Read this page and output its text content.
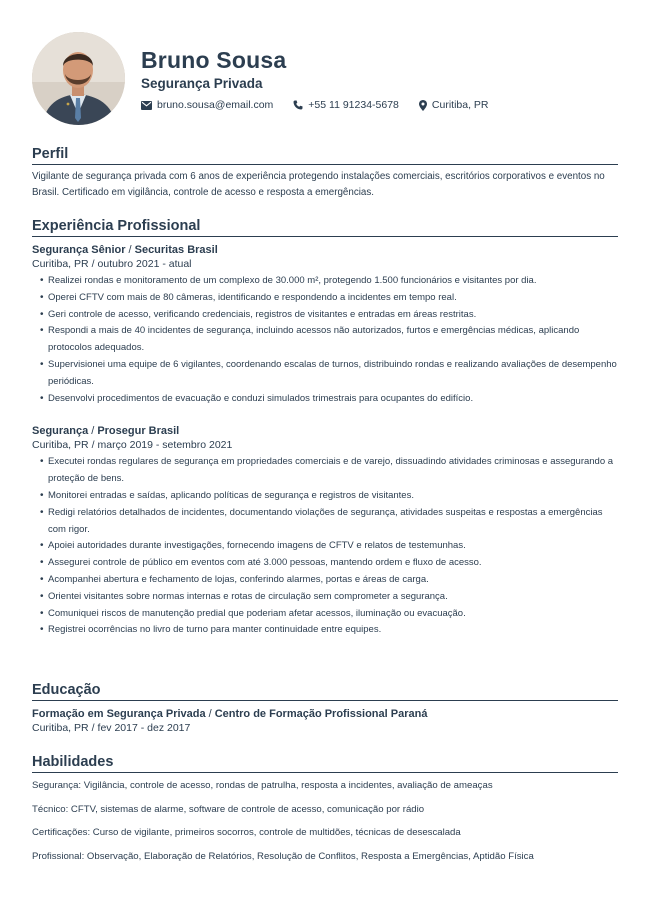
Bruno Sousa
Segurança Privada
bruno.sousa@email.com	+55 11 91234-5678	Curitiba, PR
Perfil
Vigilante de segurança privada com 6 anos de experiência protegendo instalações comerciais, escritórios corporativos e eventos no Brasil. Certificado em vigilância, controle de acesso e resposta a emergências.
Experiência Profissional
Segurança Sênior / Securitas Brasil
Curitiba, PR / outubro 2021 - atual
• Realizei rondas e monitoramento de um complexo de 30.000 m², protegendo 1.500 funcionários e visitantes por dia.
• Operei CFTV com mais de 80 câmeras, identificando e respondendo a incidentes em tempo real.
• Geri controle de acesso, verificando credenciais, registros de visitantes e entradas em áreas restritas.
• Respondi a mais de 40 incidentes de segurança, incluindo acessos não autorizados, furtos e emergências médicas, aplicando protocolos adequados.
• Supervisionei uma equipe de 6 vigilantes, coordenando escalas de turnos, distribuindo rondas e realizando avaliações de desempenho periódicas.
• Desenvolvi procedimentos de evacuação e conduzi simulados trimestrais para ocupantes do edifício.
Segurança / Prosegur Brasil
Curitiba, PR / março 2019 - setembro 2021
• Executei rondas regulares de segurança em propriedades comerciais e de varejo, dissuadindo atividades criminosas e assegurando a proteção de bens.
• Monitorei entradas e saídas, aplicando políticas de segurança e registros de visitantes.
• Redigi relatórios detalhados de incidentes, documentando violações de segurança, atividades suspeitas e respostas a emergências com rigor.
• Apoiei autoridades durante investigações, fornecendo imagens de CFTV e relatos de testemunhas.
• Assegurei controle de público em eventos com até 3.000 pessoas, mantendo ordem e fluxo de acesso.
• Acompanhei abertura e fechamento de lojas, conferindo alarmes, portas e áreas de carga.
• Orientei visitantes sobre normas internas e rotas de circulação sem comprometer a segurança.
• Comuniquei riscos de manutenção predial que poderiam afetar acessos, iluminação ou evacuação.
• Registrei ocorrências no livro de turno para manter continuidade entre equipes.
Educação
Formação em Segurança Privada / Centro de Formação Profissional Paraná
Curitiba, PR / fev 2017 - dez 2017
Habilidades
Segurança: Vigilância, controle de acesso, rondas de patrulha, resposta a incidentes, avaliação de ameaças
Técnico: CFTV, sistemas de alarme, software de controle de acesso, comunicação por rádio
Certificações: Curso de vigilante, primeiros socorros, controle de multidões, técnicas de desescalada
Profissional: Observação, Elaboração de Relatórios, Resolução de Conflitos, Resposta a Emergências, Aptidão Física
